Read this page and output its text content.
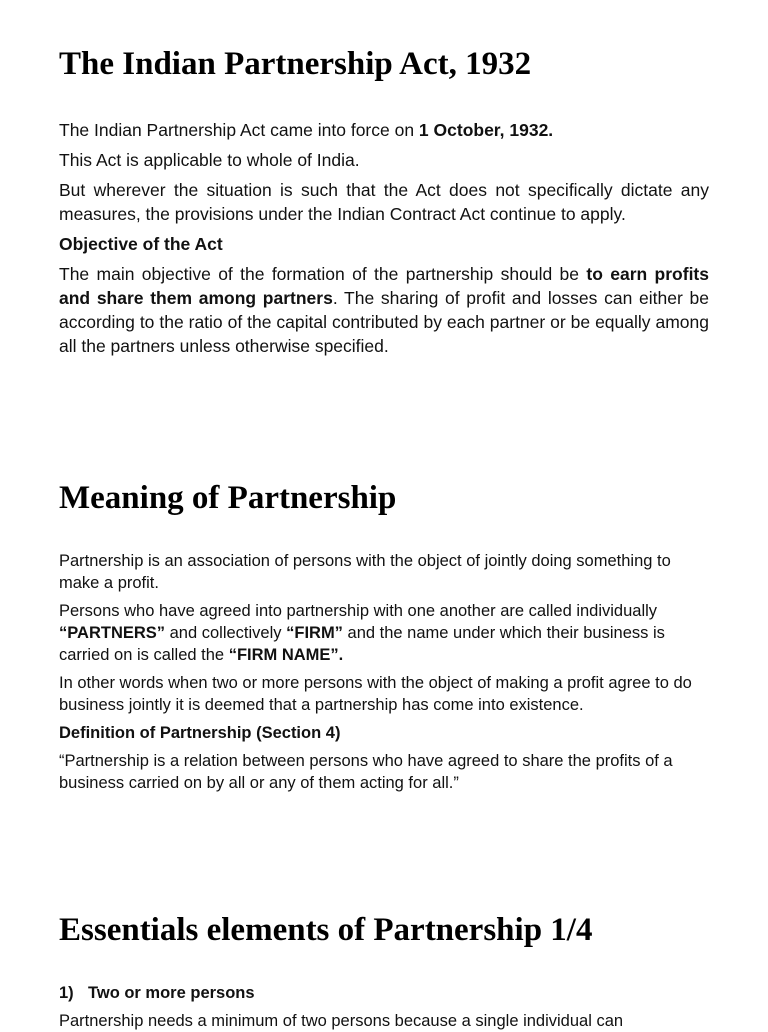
The Indian Partnership Act, 1932

The Indian Partnership Act came into force on 1 October, 1932.

This Act is applicable to whole of India.

But wherever the situation is such that the Act does not specifically dictate any measures, the provisions under the Indian Contract Act continue to apply.

Objective of the Act

The main objective of the formation of the partnership should be to earn profits and share them among partners. The sharing of profit and losses can either be according to the ratio of the capital contributed by each partner or be equally among all the partners unless otherwise specified.

Meaning of Partnership

Partnership is an association of persons with the object of jointly doing something to make a profit.

Persons who have agreed into partnership with one another are called individually “PARTNERS” and collectively “FIRM” and the name under which their business is carried on is called the “FIRM NAME”.

In other words when two or more persons with the object of making a profit agree to do business jointly it is deemed that a partnership has come into existence.

Definition of Partnership (Section 4)

“Partnership is a relation between persons who have agreed to share the profits of a business carried on by all or any of them acting for all.”

Essentials elements of Partnership 1/4

1) Two or more persons

Partnership needs a minimum of two persons because a single individual can
